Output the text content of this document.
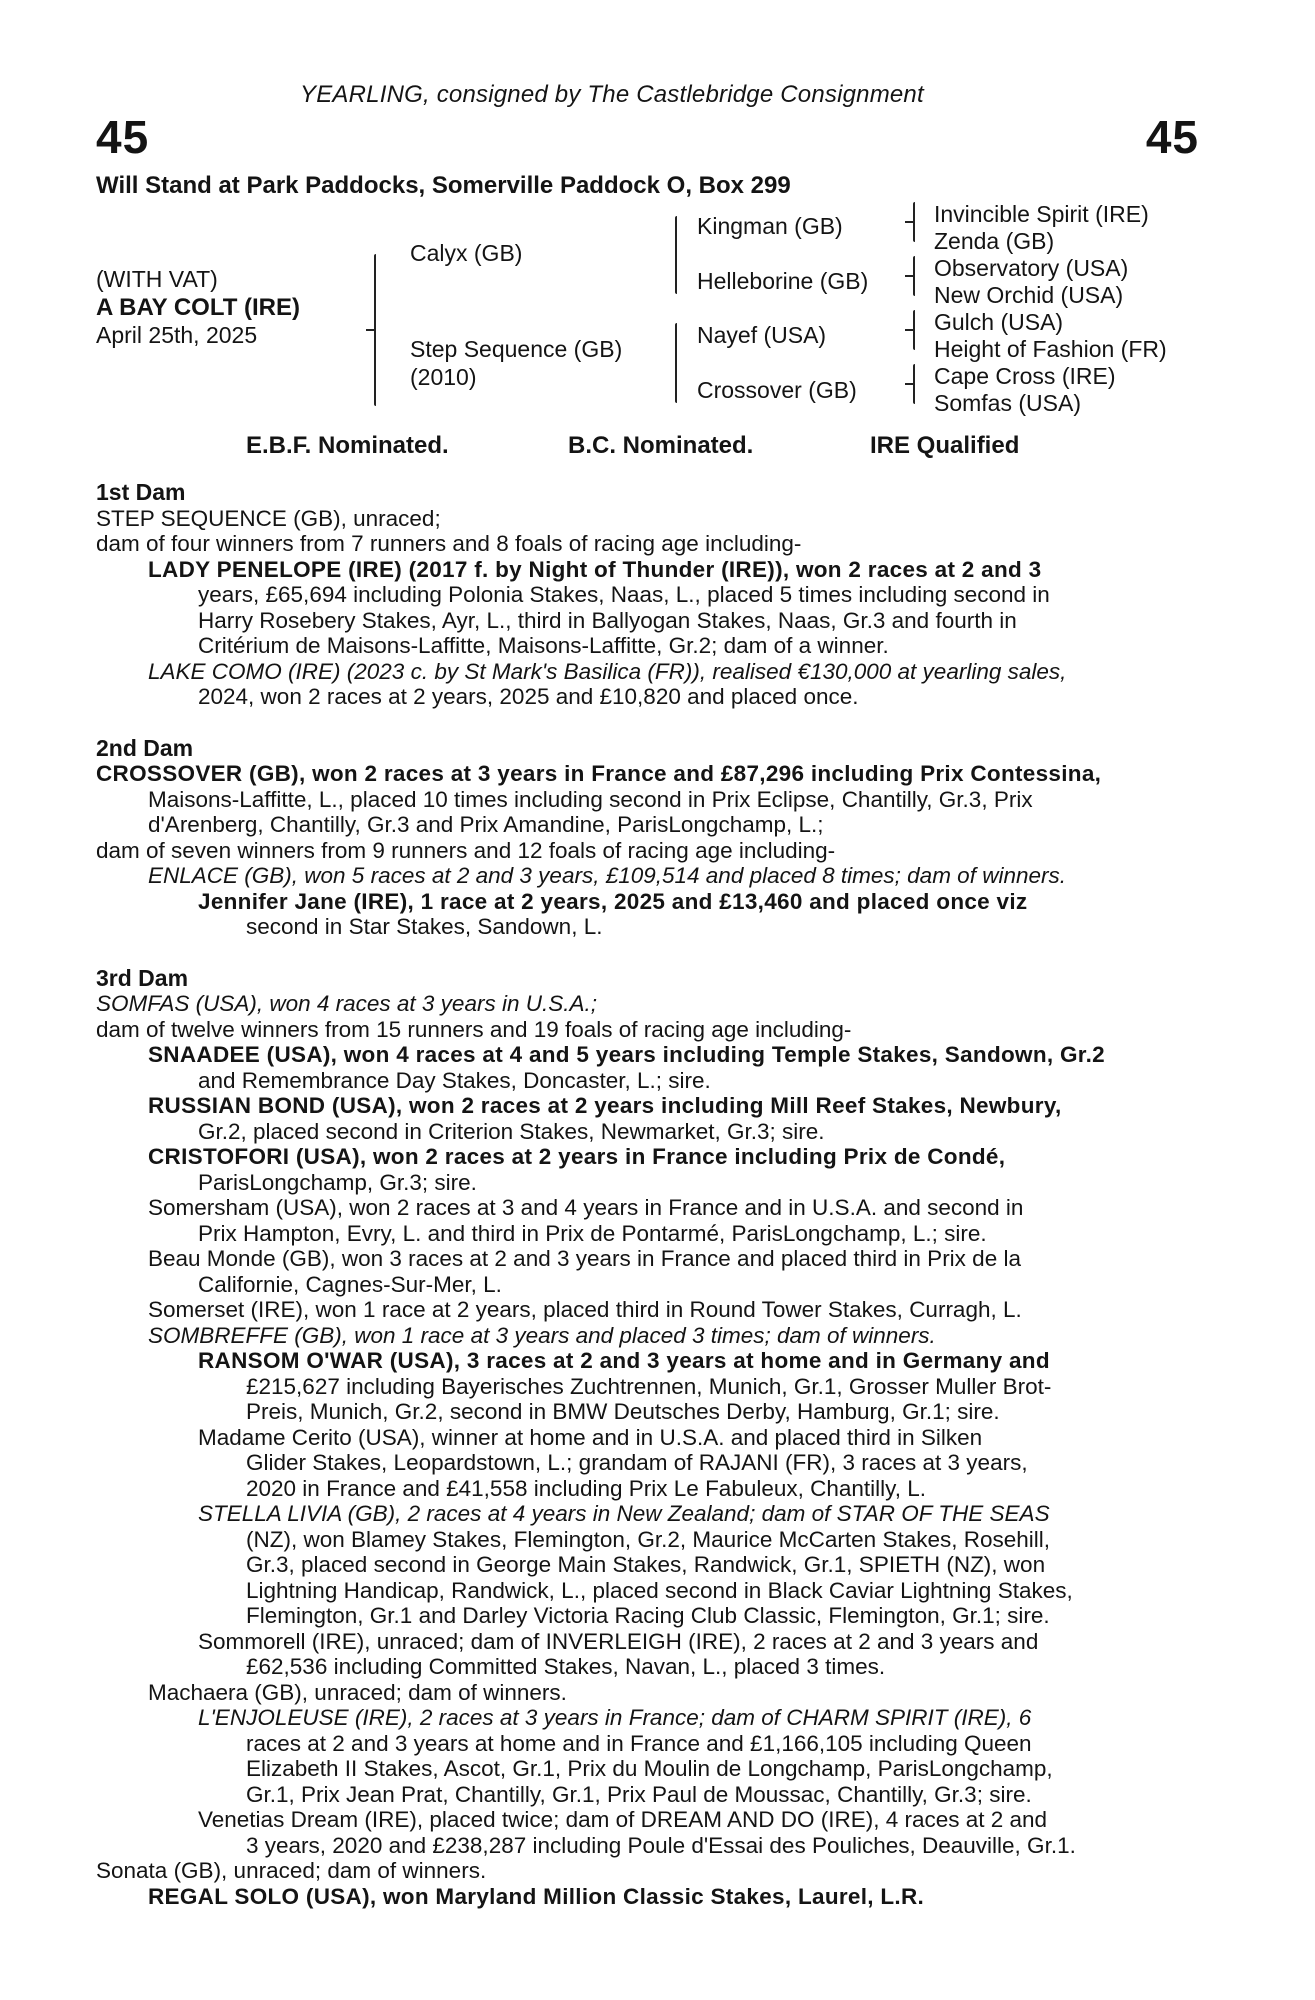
YEARLING, consigned by The Castlebridge Consignment
45	45
Will Stand at Park Paddocks, Somerville Paddock O, Box 299
(WITH VAT)
A BAY COLT (IRE)
April 25th, 2025
Calyx (GB)
Step Sequence (GB)
(2010)
Kingman (GB)
Helleborine (GB)
Nayef (USA)
Crossover (GB)
Invincible Spirit (IRE)
Zenda (GB)
Observatory (USA)
New Orchid (USA)
Gulch (USA)
Height of Fashion (FR)
Cape Cross (IRE)
Somfas (USA)
E.B.F. Nominated.	B.C. Nominated.	IRE Qualified
1st Dam
STEP SEQUENCE (GB), unraced;
dam of four winners from 7 runners and 8 foals of racing age including-
LADY PENELOPE (IRE) (2017 f. by Night of Thunder (IRE)), won 2 races at 2 and 3
years, £65,694 including Polonia Stakes, Naas, L., placed 5 times including second in
Harry Rosebery Stakes, Ayr, L., third in Ballyogan Stakes, Naas, Gr.3 and fourth in
Critérium de Maisons-Laffitte, Maisons-Laffitte, Gr.2; dam of a winner.
LAKE COMO (IRE) (2023 c. by St Mark's Basilica (FR)), realised €130,000 at yearling sales,
2024, won 2 races at 2 years, 2025 and £10,820 and placed once.
2nd Dam
CROSSOVER (GB), won 2 races at 3 years in France and £87,296 including Prix Contessina,
Maisons-Laffitte, L., placed 10 times including second in Prix Eclipse, Chantilly, Gr.3, Prix
d'Arenberg, Chantilly, Gr.3 and Prix Amandine, ParisLongchamp, L.;
dam of seven winners from 9 runners and 12 foals of racing age including-
ENLACE (GB), won 5 races at 2 and 3 years, £109,514 and placed 8 times; dam of winners.
Jennifer Jane (IRE), 1 race at 2 years, 2025 and £13,460 and placed once viz
second in Star Stakes, Sandown, L.
3rd Dam
SOMFAS (USA), won 4 races at 3 years in U.S.A.;
dam of twelve winners from 15 runners and 19 foals of racing age including-
SNAADEE (USA), won 4 races at 4 and 5 years including Temple Stakes, Sandown, Gr.2
and Remembrance Day Stakes, Doncaster, L.; sire.
RUSSIAN BOND (USA), won 2 races at 2 years including Mill Reef Stakes, Newbury,
Gr.2, placed second in Criterion Stakes, Newmarket, Gr.3; sire.
CRISTOFORI (USA), won 2 races at 2 years in France including Prix de Condé,
ParisLongchamp, Gr.3; sire.
Somersham (USA), won 2 races at 3 and 4 years in France and in U.S.A. and second in
Prix Hampton, Evry, L. and third in Prix de Pontarmé, ParisLongchamp, L.; sire.
Beau Monde (GB), won 3 races at 2 and 3 years in France and placed third in Prix de la
Californie, Cagnes-Sur-Mer, L.
Somerset (IRE), won 1 race at 2 years, placed third in Round Tower Stakes, Curragh, L.
SOMBREFFE (GB), won 1 race at 3 years and placed 3 times; dam of winners.
RANSOM O'WAR (USA), 3 races at 2 and 3 years at home and in Germany and
£215,627 including Bayerisches Zuchtrennen, Munich, Gr.1, Grosser Muller Brot-
Preis, Munich, Gr.2, second in BMW Deutsches Derby, Hamburg, Gr.1; sire.
Madame Cerito (USA), winner at home and in U.S.A. and placed third in Silken
Glider Stakes, Leopardstown, L.; grandam of RAJANI (FR), 3 races at 3 years,
2020 in France and £41,558 including Prix Le Fabuleux, Chantilly, L.
STELLA LIVIA (GB), 2 races at 4 years in New Zealand; dam of STAR OF THE SEAS
(NZ), won Blamey Stakes, Flemington, Gr.2, Maurice McCarten Stakes, Rosehill,
Gr.3, placed second in George Main Stakes, Randwick, Gr.1, SPIETH (NZ), won
Lightning Handicap, Randwick, L., placed second in Black Caviar Lightning Stakes,
Flemington, Gr.1 and Darley Victoria Racing Club Classic, Flemington, Gr.1; sire.
Sommorell (IRE), unraced; dam of INVERLEIGH (IRE), 2 races at 2 and 3 years and
£62,536 including Committed Stakes, Navan, L., placed 3 times.
Machaera (GB), unraced; dam of winners.
L'ENJOLEUSE (IRE), 2 races at 3 years in France; dam of CHARM SPIRIT (IRE), 6
races at 2 and 3 years at home and in France and £1,166,105 including Queen
Elizabeth II Stakes, Ascot, Gr.1, Prix du Moulin de Longchamp, ParisLongchamp,
Gr.1, Prix Jean Prat, Chantilly, Gr.1, Prix Paul de Moussac, Chantilly, Gr.3; sire.
Venetias Dream (IRE), placed twice; dam of DREAM AND DO (IRE), 4 races at 2 and
3 years, 2020 and £238,287 including Poule d'Essai des Pouliches, Deauville, Gr.1.
Sonata (GB), unraced; dam of winners.
REGAL SOLO (USA), won Maryland Million Classic Stakes, Laurel, L.R.
